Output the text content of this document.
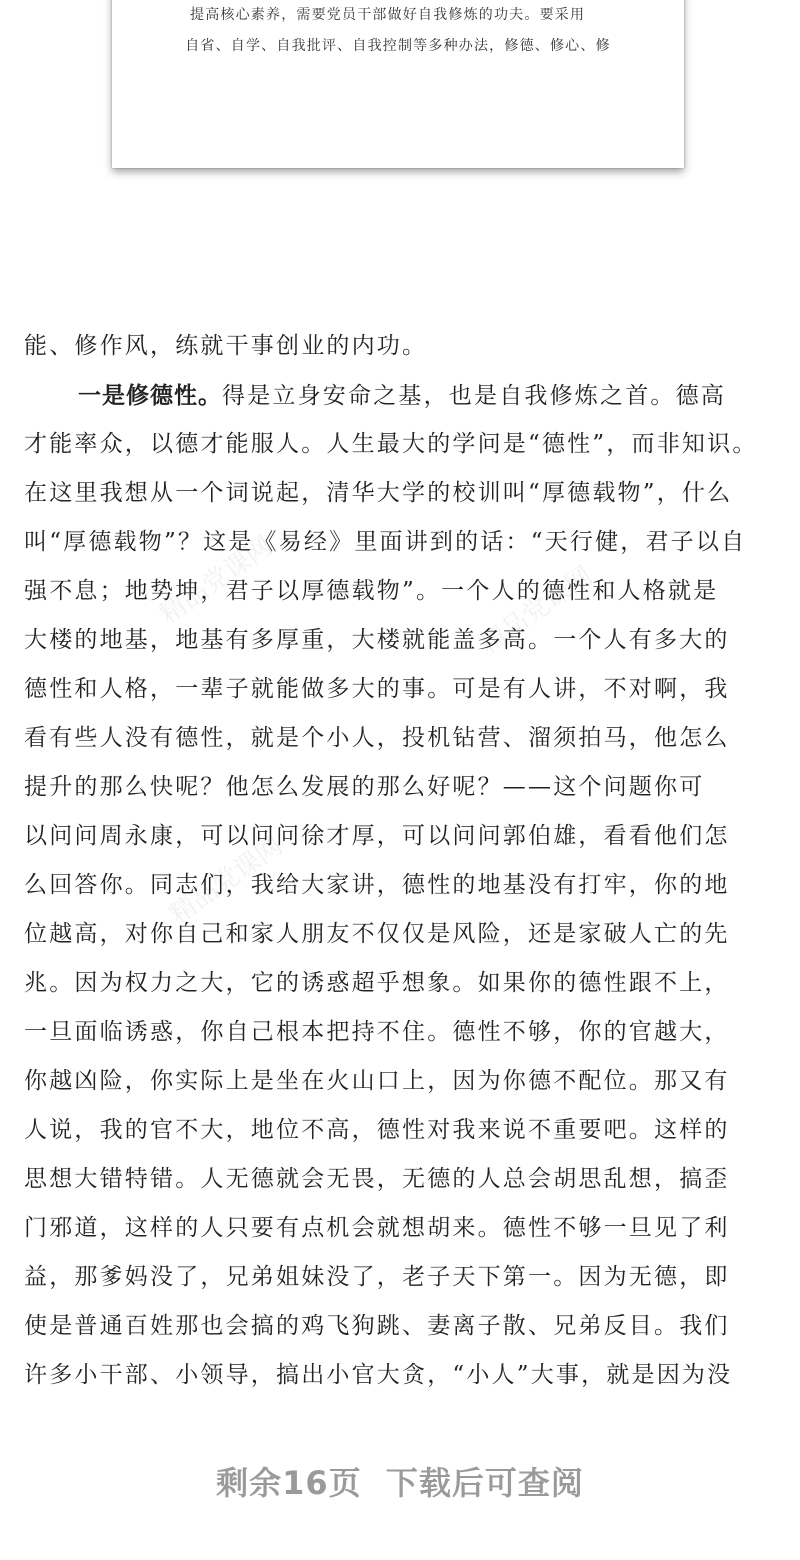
提高核心素养，需要党员干部做好自我修炼的功夫。要采用
自省、自学、自我批评、自我控制等多种办法，修德、修心、修
精品党课网	精品党课网
精品党课网
能、修作风，练就干事创业的内功。
一是修德性。得是立身安命之基，也是自我修炼之首。德高
才能率众，以德才能服人。人生最大的学问是“德性”，而非知识。
在这里我想从一个词说起，清华大学的校训叫“厚德载物”，什么
叫“厚德载物”？这是《易经》里面讲到的话：“天行健，君子以自
强不息；地势坤，君子以厚德载物”。一个人的德性和人格就是
大楼的地基，地基有多厚重，大楼就能盖多高。一个人有多大的
德性和人格，一辈子就能做多大的事。可是有人讲，不对啊，我
看有些人没有德性，就是个小人，投机钻营、溜须拍马，他怎么
提升的那么快呢？他怎么发展的那么好呢？——这个问题你可
以问问周永康，可以问问徐才厚，可以问问郭伯雄，看看他们怎
么回答你。同志们，我给大家讲，德性的地基没有打牢，你的地
位越高，对你自己和家人朋友不仅仅是风险，还是家破人亡的先
兆。因为权力之大，它的诱惑超乎想象。如果你的德性跟不上，
一旦面临诱惑，你自己根本把持不住。德性不够，你的官越大，
你越凶险，你实际上是坐在火山口上，因为你德不配位。那又有
人说，我的官不大，地位不高，德性对我来说不重要吧。这样的
思想大错特错。人无德就会无畏，无德的人总会胡思乱想，搞歪
门邪道，这样的人只要有点机会就想胡来。德性不够一旦见了利
益，那爹妈没了，兄弟姐妹没了，老子天下第一。因为无德，即
使是普通百姓那也会搞的鸡飞狗跳、妻离子散、兄弟反目。我们
许多小干部、小领导，搞出小官大贪，“小人”大事，就是因为没
剩余16页 下载后可查阅
